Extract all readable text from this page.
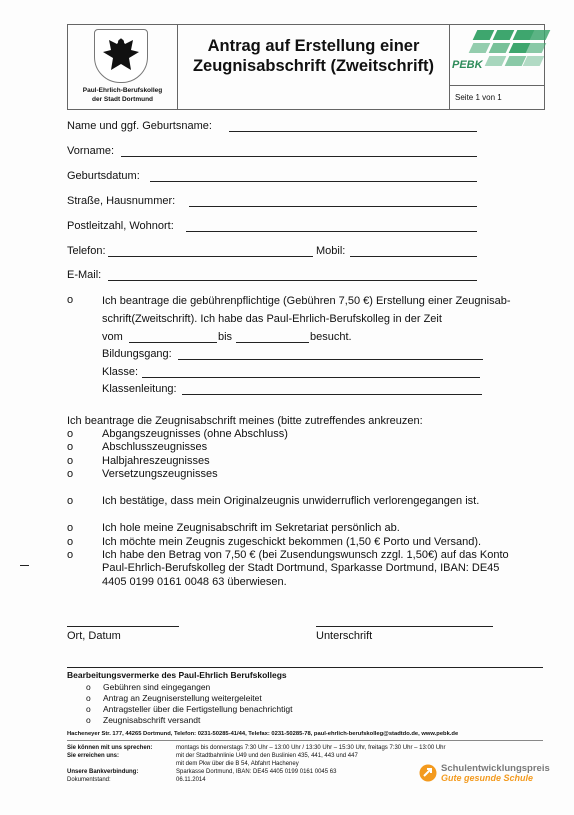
Paul-Ehrlich-Berufskolleg
der Stadt Dortmund
Antrag auf Erstellung einer
Zeugnisabschrift (Zweitschrift)	PEBK
Seite 1 von 1
Name und ggf. Geburtsname:
Vorname:
Geburtsdatum:
Straße, Hausnummer:
Postleitzahl, Wohnort:
Telefon:	Mobil:
E-Mail:
o	Ich beantrage die gebührenpflichtige (Gebühren 7,50 €) Erstellung einer Zeugnisab-
schrift(Zweitschrift). Ich habe das Paul-Ehrlich-Berufskolleg in der Zeit
vom	bis	besucht.
Bildungsgang:
Klasse:
Klassenleitung:
Ich beantrage die Zeugnisabschrift meines (bitte zutreffendes ankreuzen:
o	Abgangszeugnisses (ohne Abschluss)
o	Abschlusszeugnisses
o	Halbjahreszeugnisses
o	Versetzungszeugnisses
o	Ich bestätige, dass mein Originalzeugnis unwiderruflich verlorengegangen ist.
o	Ich hole meine Zeugnisabschrift im Sekretariat persönlich ab.
o	Ich möchte mein Zeugnis zugeschickt bekommen (1,50 € Porto und Versand).
o	Ich habe den Betrag von 7,50 € (bei Zusendungswunsch zzgl. 1,50€) auf das Konto
Paul-Ehrlich-Berufskolleg der Stadt Dortmund, Sparkasse Dortmund, IBAN: DE45
4405 0199 0161 0048 63 überwiesen.
Ort, Datum	Unterschrift
Bearbeitungsvermerke des Paul-Ehrlich Berufskollegs
o Gebühren sind eingegangen
o Antrag an Zeugniserstellung weitergeleitet
o Antragsteller über die Fertigstellung benachrichtigt
o Zeugnisabschrift versandt
Hacheneyer Str. 177, 44265 Dortmund, Telefon: 0231-50285-41/44, Telefax: 0231-50285-78, paul-ehrlich-berufskolleg@stadtdo.de, www.pebk.de
Sie können mit uns sprechen:	montags bis donnerstags 7:30 Uhr – 13:00 Uhr / 13:30 Uhr – 15:30 Uhr, freitags 7:30 Uhr – 13:00 Uhr
Sie erreichen uns:	mit der Stadtbahnlinie U49 und den Buslinien 435, 441, 443 und 447
mit dem Pkw über die B 54, Abfahrt Hacheney
Unsere Bankverbindung:	Sparkasse Dortmund, IBAN: DE45 4405 0199 0161 0045 63
Dokumentstand:	06.11.2014
Schulentwicklungspreis
Gute gesunde Schule
